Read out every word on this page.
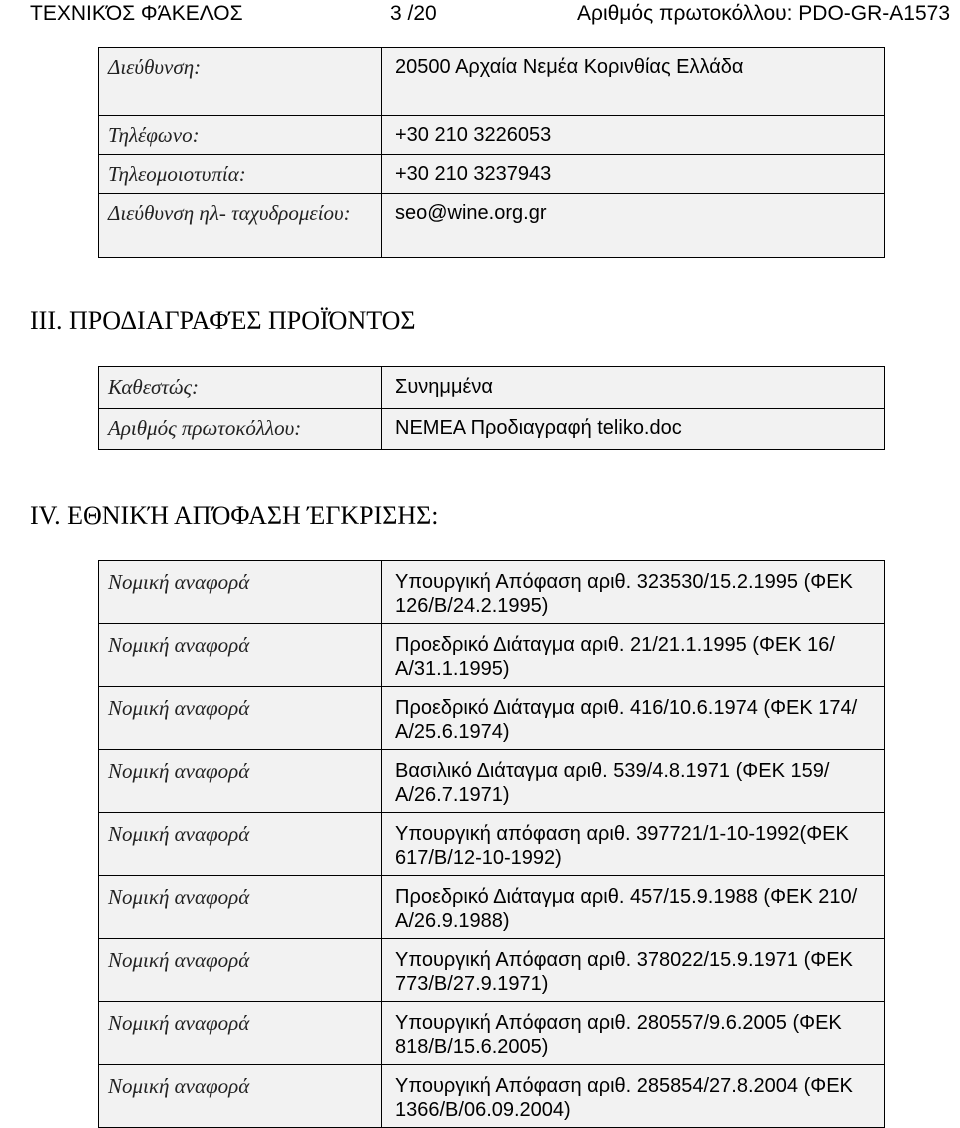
ΤΕΧΝΙΚΌΣ ΦΆΚΕΛΟΣ	3 /20	Αριθμός πρωτοκόλλου: PDO-GR-A1573
Διεύθυνση:	20500 Αρχαία Νεμέα Κορινθίας Ελλάδα
Τηλέφωνο:	+30 210 3226053
Τηλεομοιοτυπία:	+30 210 3237943
Διεύθυνση ηλ- ταχυδρομείου:	seo@wine.org.gr
III. ΠΡΟΔΙΑΓΡΑΦΈΣ ΠΡΟΪΌΝΤΟΣ
Καθεστώς:	Συνημμένα
Αριθμός πρωτοκόλλου:	ΝΕΜΕΑ Προδιαγραφή teliko.doc
IV. ΕΘΝΙΚΉ ΑΠΌΦΑΣΗ ΈΓΚΡΙΣΗΣ:
Νομική αναφορά	Υπουργική Απόφαση αριθ. 323530/15.2.1995 (ΦΕΚ 126/Β/24.2.1995)
Νομική αναφορά	Προεδρικό Διάταγμα αριθ. 21/21.1.1995 (ΦΕΚ 16/Α/31.1.1995)
Νομική αναφορά	Προεδρικό Διάταγμα αριθ. 416/10.6.1974 (ΦΕΚ 174/Α/25.6.1974)
Νομική αναφορά	Βασιλικό Διάταγμα αριθ. 539/4.8.1971 (ΦΕΚ 159/Α/26.7.1971)
Νομική αναφορά	Υπουργική απόφαση αριθ. 397721/1-10-1992(ΦΕΚ 617/Β/12-10-1992)
Νομική αναφορά	Προεδρικό Διάταγμα αριθ. 457/15.9.1988 (ΦΕΚ 210/Α/26.9.1988)
Νομική αναφορά	Υπουργική Απόφαση αριθ. 378022/15.9.1971 (ΦΕΚ 773/Β/27.9.1971)
Νομική αναφορά	Υπουργική Απόφαση αριθ. 280557/9.6.2005 (ΦΕΚ 818/Β/15.6.2005)
Νομική αναφορά	Υπουργική Απόφαση αριθ. 285854/27.8.2004 (ΦΕΚ 1366/Β/06.09.2004)
